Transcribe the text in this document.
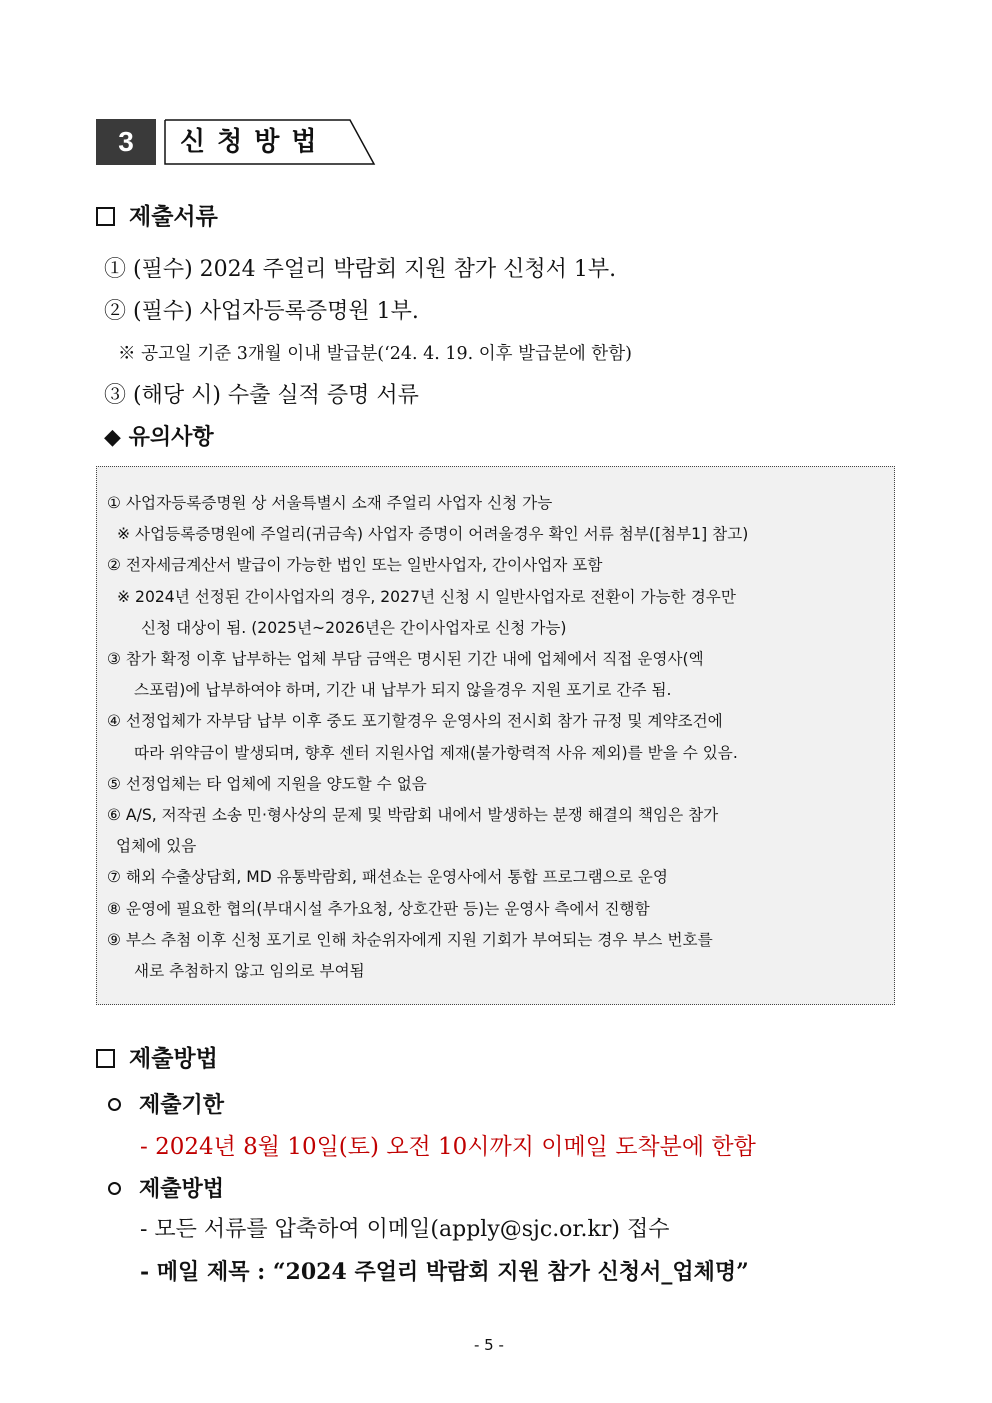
3	신청방법
제출서류
① (필수) 2024 주얼리 박람회 지원 참가 신청서 1부.
② (필수) 사업자등록증명원 1부.
※ 공고일 기준 3개월 이내 발급분(‘24. 4. 19. 이후 발급분에 한함)
③ (해당 시) 수출 실적 증명 서류
◆ 유의사항
① 사업자등록증명원 상 서울특별시 소재 주얼리 사업자 신청 가능
※ 사업등록증명원에 주얼리(귀금속) 사업자 증명이 어려울경우 확인 서류 첨부([첨부1] 참고)
② 전자세금계산서 발급이 가능한 법인 또는 일반사업자, 간이사업자 포함
※ 2024년 선정된 간이사업자의 경우, 2027년 신청 시 일반사업자로 전환이 가능한 경우만
신청 대상이 됨. (2025년~2026년은 간이사업자로 신청 가능)
③ 참가 확정 이후 납부하는 업체 부담 금액은 명시된 기간 내에 업체에서 직접 운영사(엑
스포럼)에 납부하여야 하며, 기간 내 납부가 되지 않을경우 지원 포기로 간주 됨.
④ 선정업체가 자부담 납부 이후 중도 포기할경우 운영사의 전시회 참가 규정 및 계약조건에
따라 위약금이 발생되며, 향후 센터 지원사업 제재(불가항력적 사유 제외)를 받을 수 있음.
⑤ 선정업체는 타 업체에 지원을 양도할 수 없음
⑥ A/S, 저작권 소송 민·형사상의 문제 및 박람회 내에서 발생하는 분쟁 해결의 책임은 참가
업체에 있음
⑦ 해외 수출상담회, MD 유통박람회, 패션쇼는 운영사에서 통합 프로그램으로 운영
⑧ 운영에 필요한 협의(부대시설 추가요청, 상호간판 등)는 운영사 측에서 진행함
⑨ 부스 추첨 이후 신청 포기로 인해 차순위자에게 지원 기회가 부여되는 경우 부스 번호를
새로 추첨하지 않고 임의로 부여됨
제출방법
제출기한
- 2024년 8월 10일(토) 오전 10시까지 이메일 도착분에 한함
제출방법
- 모든 서류를 압축하여 이메일(apply@sjc.or.kr) 접수
- 메일 제목 : “2024 주얼리 박람회 지원 참가 신청서_업체명”
- 5 -
